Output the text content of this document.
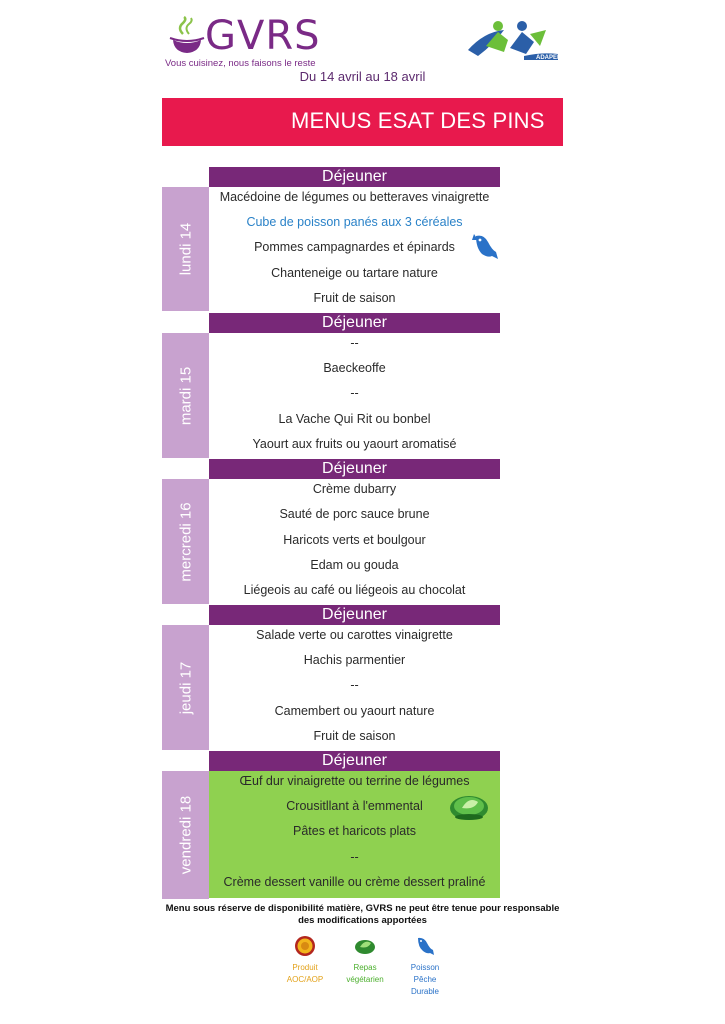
GVRS
Vous cuisinez, nous faisons le reste	ADAPEI
Du 14 avril au 18 avril
MENUS ESAT DES PINS
lundi 14
mardi 15
mercredi 16
jeudi 17
vendredi 18
Déjeuner
Déjeuner
Déjeuner
Déjeuner
Déjeuner
Macédoine de légumes ou betteraves vinaigrette
Cube de poisson panés aux 3 céréales
Pommes campagnardes et épinards
Chanteneige ou tartare nature
Fruit de saison
--
Baeckeoffe
--
La Vache Qui Rit ou bonbel
Yaourt aux fruits ou yaourt aromatisé
Crème dubarry
Sauté de porc sauce brune
Haricots verts et boulgour
Edam ou gouda
Liégeois au café ou liégeois au chocolat
Salade verte ou carottes vinaigrette
Hachis parmentier
--
Camembert ou yaourt nature
Fruit de saison
Œuf dur vinaigrette ou terrine de légumes
Crousitllant à l'emmental
Pâtes et haricots plats
--
Crème dessert vanille ou crème dessert praliné
Menu sous réserve de disponibilité matière, GVRS ne peut être tenue pour responsable
des modifications apportées
Produit
AOC/AOP
Repas
végétarien
Poisson
Pêche
Durable
